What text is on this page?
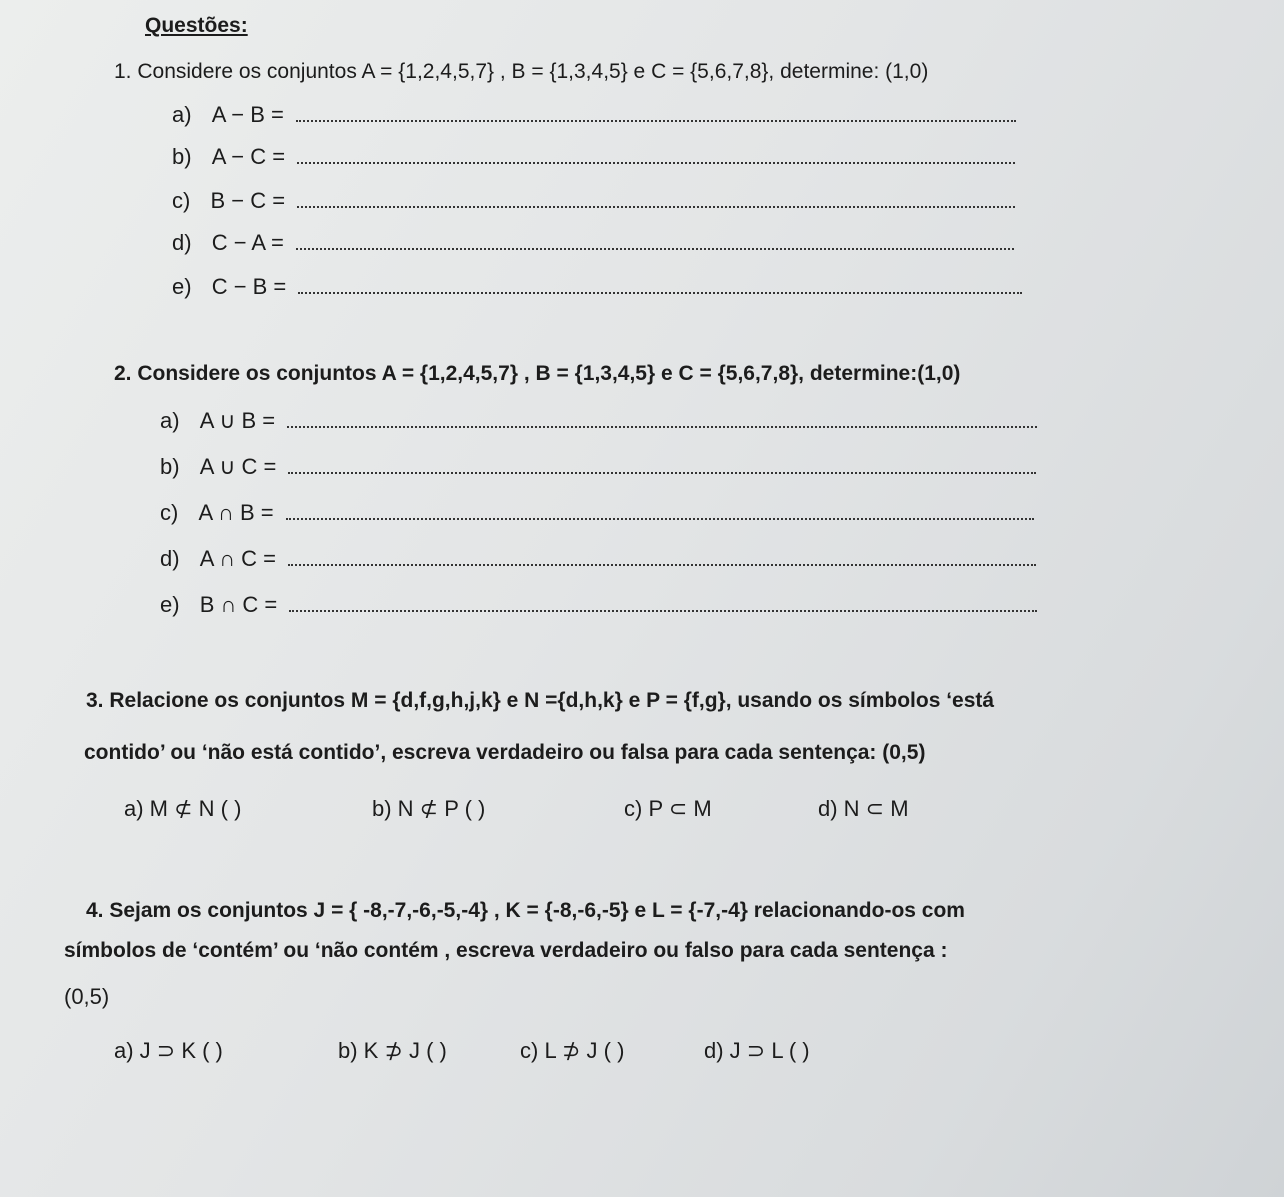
Questões:
1. Considere os conjuntos A = {1,2,4,5,7} , B = {1,3,4,5} e C = {5,6,7,8}, determine: (1,0)
a) A − B =
b) A − C =
c) B − C =
d) C − A =
e) C − B =
2. Considere os conjuntos A = {1,2,4,5,7} , B = {1,3,4,5} e C = {5,6,7,8}, determine:(1,0)
a) A ∪ B =
b) A ∪ C =
c) A ∩ B =
d) A ∩ C =
e) B ∩ C =
3. Relacione os conjuntos M = {d,f,g,h,j,k} e N ={d,h,k} e P = {f,g}, usando os símbolos ‘está
contido’ ou ‘não está contido’, escreva verdadeiro ou falsa para cada sentença: (0,5)
a) M ⊄ N ( )	b) N ⊄ P ( )	c) P ⊂ M	d) N ⊂ M
4. Sejam os conjuntos J = { -8,-7,-6,-5,-4} , K = {-8,-6,-5} e L = {-7,-4} relacionando-os com
símbolos de ‘contém’ ou ‘não contém , escreva verdadeiro ou falso para cada sentença :
(0,5)
a) J ⊃ K ( )	b) K ⊅ J ( )	c) L ⊅ J ( )	d) J ⊃ L ( )
